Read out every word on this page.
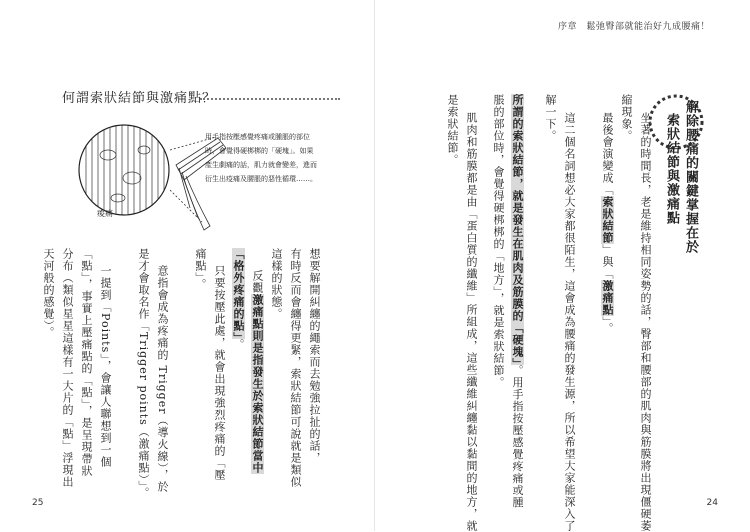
何謂索狀結節與激痛點？
用手指按壓感覺疼痛或腫脹的部位時，會覺得硬梆梆的「硬塊」。如果產生劇痛的話，肌力就會變差，進而衍生出疫痛及腰脹的惡性循環……。
痠痛
想要解開糾纏的繩索而去勉強拉扯的話，
有時反而會纏得更緊，索狀結節可說就是類似
這樣的狀態。
反觀激痛點則是指發生於索狀結節當中
「格外疼痛的點」。
只要按壓此處，就會出現強烈疼痛的「壓
痛點」。
意指會成為疼痛的 Trigger（導火線），於
是才會取名作「Trigger points（激痛點）」。
一提到「Points」，會讓人聯想到一個
「點」，事實上壓痛點的「點」，是呈現帶狀
分布（類似星星這樣有一大片的「點」浮現出
天河般的感覺）。
25
序章　鬆弛臀部就能治好九成腰痛！
24
解除腰痛的關鍵掌握在於
索狀結節與激痛點
坐著的時間長，老是維持相同姿勢的話，臀部和腰部的肌肉與筋膜將出現僵硬萎
縮現象。
最後會演變成「索狀結節」與「激痛點」。
這二個名詞想必大家都很陌生，這會成為腰痛的發生源，所以希望大家能深入了
解一下。
所謂的索狀結節，就是發生在肌肉及筋膜的「硬塊」。用手指按壓感覺疼痛或腫
脹的部位時，會覺得硬梆梆的「地方」，就是索狀結節。
肌肉和筋膜都是由「蛋白質的纖維」所組成，這些纖維糾纏黏以黏間的地方，就
是索狀結節。
